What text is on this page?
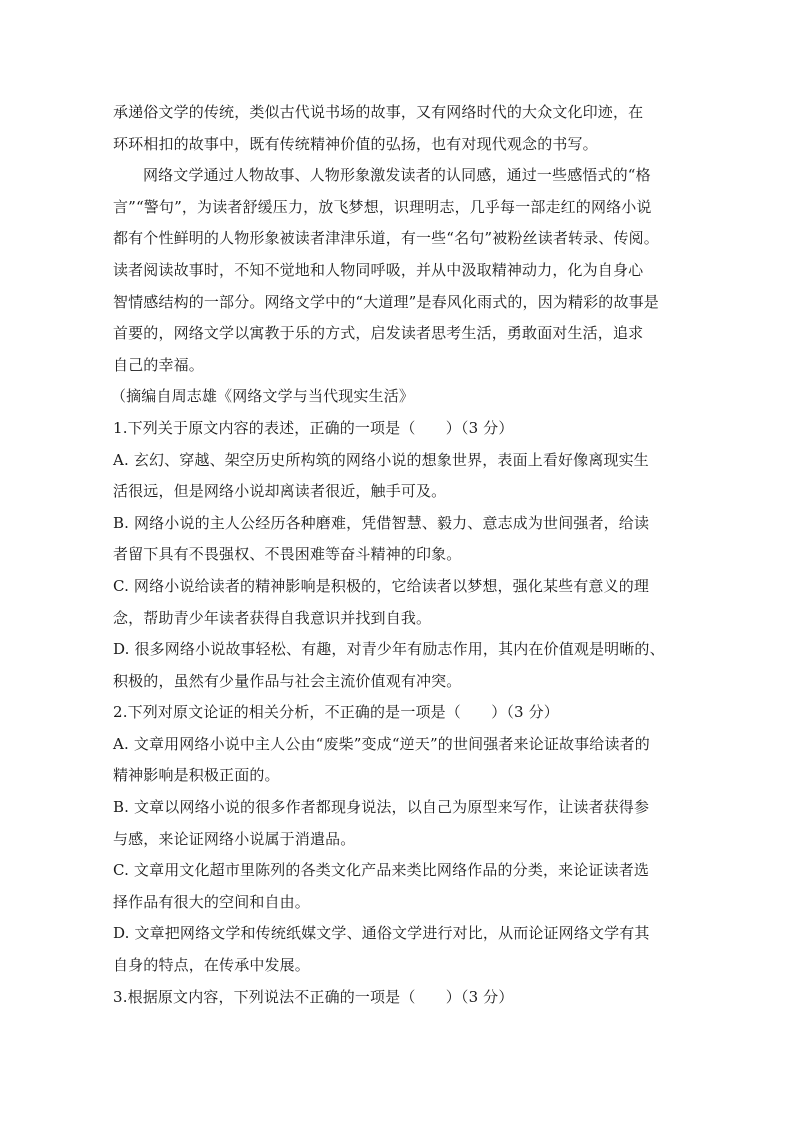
承递俗文学的传统，类似古代说书场的故事，又有网络时代的大众文化印迹，在
环环相扣的故事中，既有传统精神价值的弘扬，也有对现代观念的书写。
网络文学通过人物故事、人物形象激发读者的认同感，通过一些感悟式的“格
言”“警句”，为读者舒缓压力，放飞梦想，识理明志，几乎每一部走红的网络小说
都有个性鲜明的人物形象被读者津津乐道，有一些“名句”被粉丝读者转录、传阅。
读者阅读故事时，不知不觉地和人物同呼吸，并从中汲取精神动力，化为自身心
智情感结构的一部分。网络文学中的“大道理”是春风化雨式的，因为精彩的故事是
首要的，网络文学以寓教于乐的方式，启发读者思考生活，勇敢面对生活，追求
自己的幸福。
（摘编自周志雄《网络文学与当代现实生活》
1.下列关于原文内容的表述，正确的一项是（　　）（3 分）
A. 玄幻、穿越、架空历史所构筑的网络小说的想象世界，表面上看好像离现实生
活很远，但是网络小说却离读者很近，触手可及。
B. 网络小说的主人公经历各种磨难，凭借智慧、毅力、意志成为世间强者，给读
者留下具有不畏强权、不畏困难等奋斗精神的印象。
C. 网络小说给读者的精神影响是积极的，它给读者以梦想，强化某些有意义的理
念，帮助青少年读者获得自我意识并找到自我。
D. 很多网络小说故事轻松、有趣，对青少年有励志作用，其内在价值观是明晰的、
积极的，虽然有少量作品与社会主流价值观有冲突。
2.下列对原文论证的相关分析，不正确的是一项是（　　）（3 分）
A. 文章用网络小说中主人公由“废柴”变成“逆天”的世间强者来论证故事给读者的
精神影响是积极正面的。
B. 文章以网络小说的很多作者都现身说法，以自己为原型来写作，让读者获得参
与感，来论证网络小说属于消遣品。
C. 文章用文化超市里陈列的各类文化产品来类比网络作品的分类，来论证读者选
择作品有很大的空间和自由。
D. 文章把网络文学和传统纸媒文学、通俗文学进行对比，从而论证网络文学有其
自身的特点，在传承中发展。
3.根据原文内容，下列说法不正确的一项是（　　）（3 分）
